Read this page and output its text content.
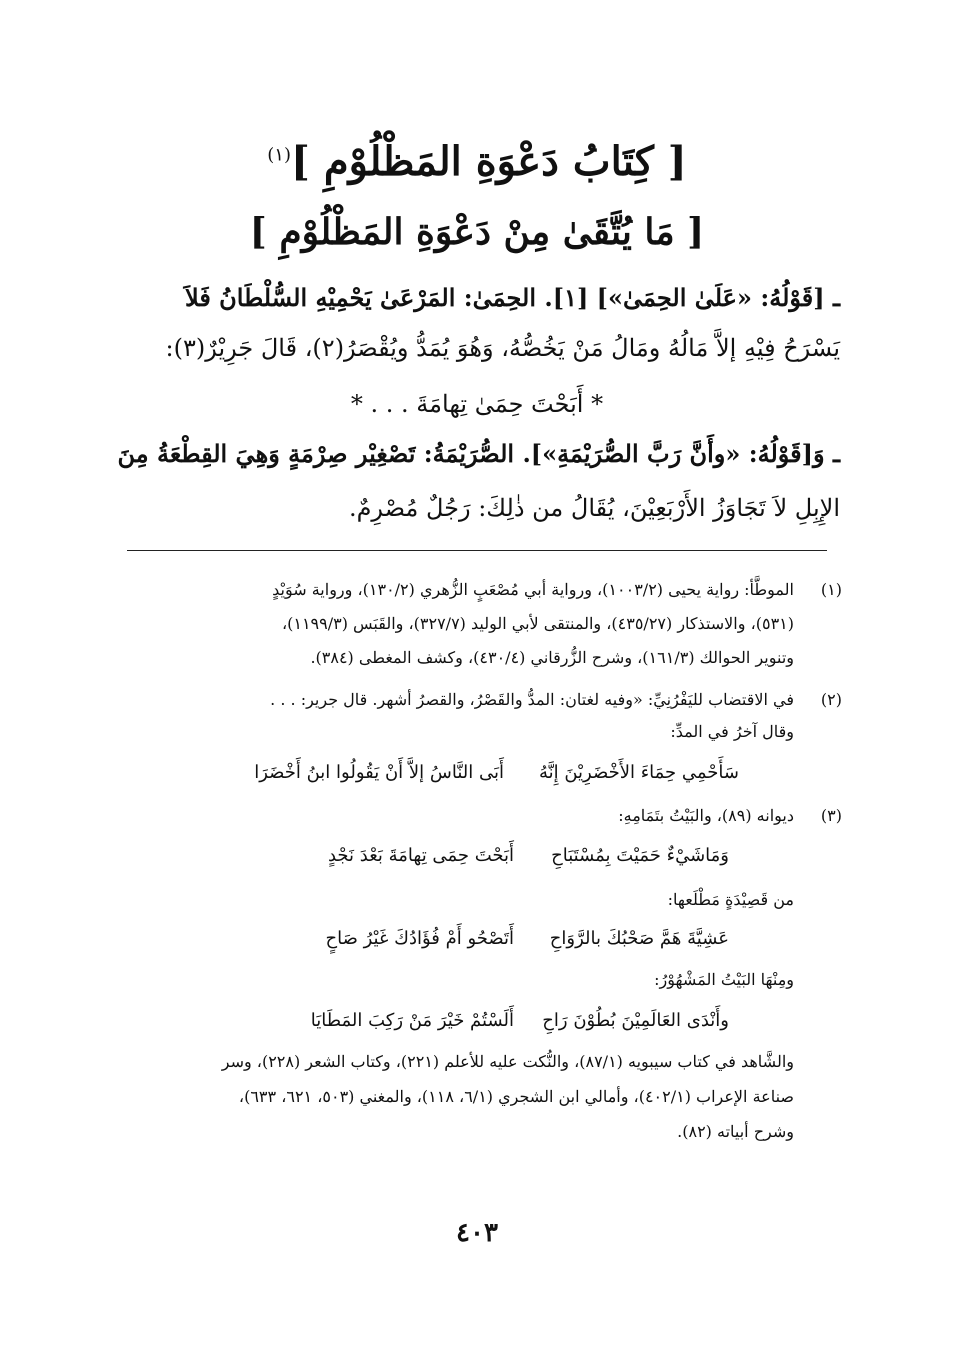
[ كِتَابُ دَعْوَةِ المَظْلُوْمِ ]$^{(١)}$
[ مَا يُتَّقَىٰ مِنْ دَعْوَةِ المَظْلُوْمِ ]
ـ [قَوْلُهُ: «عَلَىٰ الحِمَىٰ»] [١]. الحِمَىٰ: المَرْعَىٰ يَحْمِيْهِ السُّلْطَانُ فَلاَ
يَسْرَحُ فِيْهِ إلاَّ مَالُهُ ومَالُ مَنْ يَخُصُّهُ، وَهُوَ يُمَدُّ ويُقْصَرُ(٢)، قَالَ جَرِيْرٌ(٣):
* أَبَحْتَ حِمَىٰ تِهامَةَ . . . *
ـ وَ[قَوْلُهُ: «وأَنَّ رَبَّ الصُّرَيْمَةِ»]. الصُّرَيْمَةُ: تَصْغِيْر صِرْمَةٍ وَهِيَ القِطْعَةُ مِنَ
الإِبِلِ لاَ تَجَاوَزُ الأَرْبَعِيْنَ، يُقَالُ من ذٰلِكَ: رَجُلٌ مُصْرِمٌ.
(١)
الموطَّأ: رواية يحيى (١٠٠٣/٢)، ورواية أبي مُصْعَبٍ الزُّهري (١٣٠/٢)، ورواية سُوَيْدٍ
(٥٣١)، والاستذكار (٤٣٥/٢٧)، والمنتقى لأبي الوليد (٣٢٧/٧)، والقَبَس (١١٩٩/٣)،
وتنوير الحوالك (١٦١/٣)، وشرح الزُّرقاني (٤٣٠/٤)، وكشف المغطى (٣٨٤).
(٢)
في الاقتضاب لليَفْرُنِيِّ: «وفيه لغتان: المدُّ والقَصْرُ، والقصرُ أشهر. قال جرير: . . .
وقال آخرُ في المدِّ:
أَبَى النَّاسُ إلاَّ أَنْ يَقُولُوا ابنُ أَخْضَرَا سَأَحْمِي حِمَاءَ الأَخْضَرِيْنَ إِنَّهُ
(٣)
ديوانه (٨٩)، والبَيْتُ بتَمَامِهِ:
أَبَحْتَ حِمَى تِهامَةَ بَعْدَ نَجْدٍ وَمَاشَيْءٌ حَمَيْتَ بِمُسْتَبَاحِ
من قَصِيْدَةٍ مَطْلَعها:
أَتَصْحُو أَمْ فُؤَادُكَ غَيْرُ صَاحٍ عَشِيَّةَ هَمَّ صَحْبُكَ بالرَّوَاحِ
ومِنْهَا البَيْتُ المَشْهُوْرُ:
أَلَسْتُمْ خَيْرَ مَنْ رَكِبَ المَطَايَا وأَنْدَى العَالَمِيْنَ بُطُوْنَ رَاحِ
والشَّاهد في كتاب سيبويه (٨٧/١)، والنُّكت عليه للأعلم (٢٢١)، وكتاب الشعر (٢٢٨)، وسر
صناعة الإعراب (٤٠٢/١)، وأمالي ابن الشجري (٦/١، ١١٨)، والمغني (٥٠٣، ٦٢١، ٦٣٣)،
وشرح أبياته (٨٢).
٤٠٣
